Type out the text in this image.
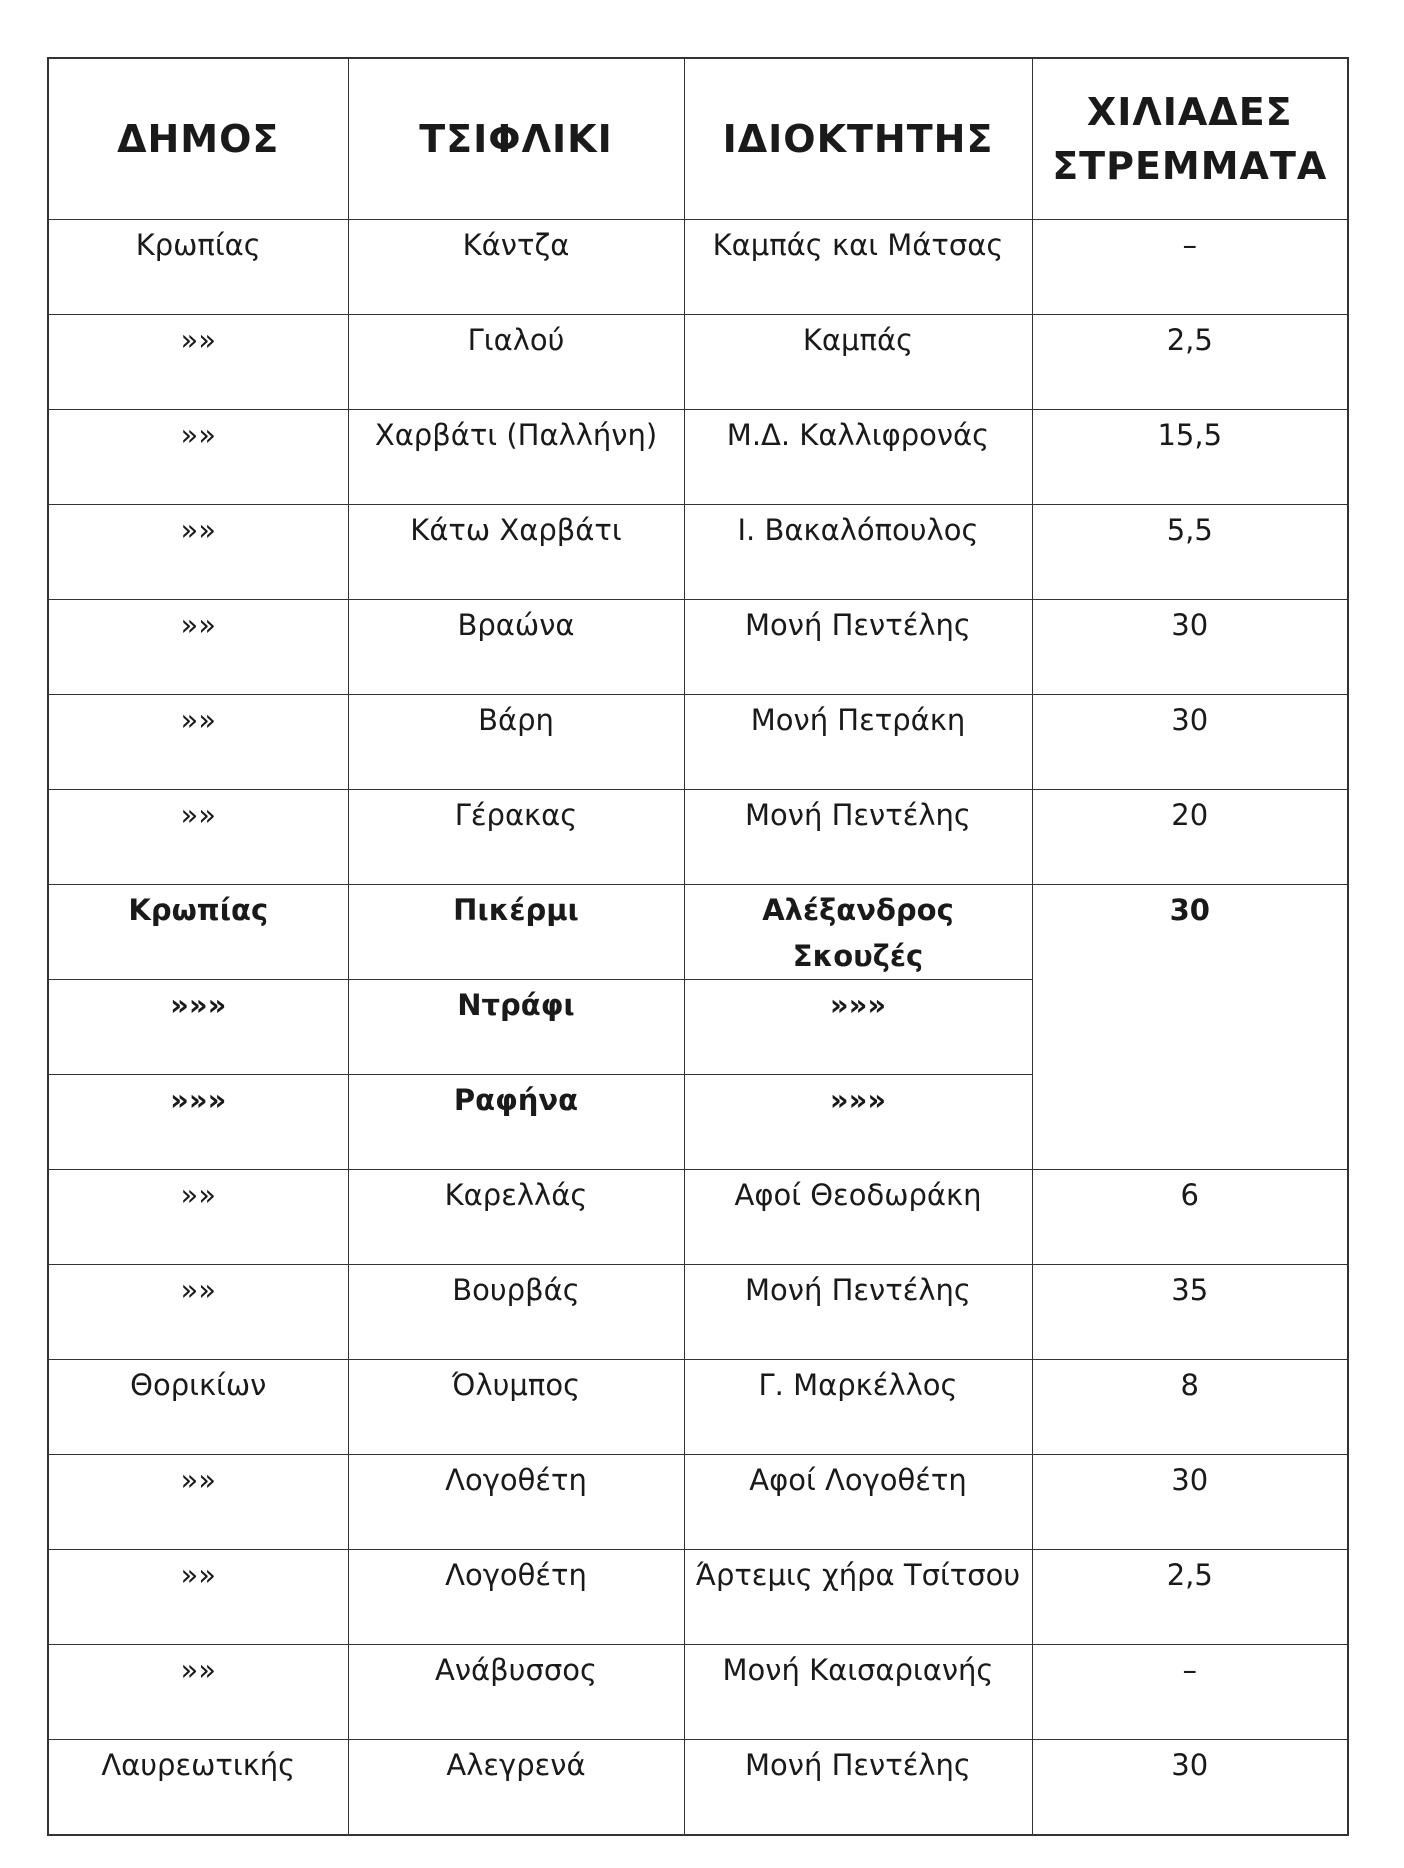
ΔΗΜΟΣ	ΤΣΙΦΛΙΚΙ	ΙΔΙΟΚΤΗΤΗΣ	ΧΙΛΙΑΔΕΣ ΣΤΡΕΜΜΑΤΑ
Κρωπίας	Κάντζα	Καμπάς και Μάτσας	–
»»	Γιαλού	Καμπάς	2,5
»»	Χαρβάτι (Παλλήνη)	Μ.Δ. Καλλιφρονάς	15,5
»»	Κάτω Χαρβάτι	Ι. Βακαλόπουλος	5,5
»»	Βραώνα	Μονή Πεντέλης	30
»»	Βάρη	Μονή Πετράκη	30
»»	Γέρακας	Μονή Πεντέλης	20
Κρωπίας	Πικέρμι	Αλέξανδρος Σκουζές	30
»»»	Ντράφι	»»»	
»»»	Ραφήνα	»»»	
»»	Καρελλάς	Αφοί Θεοδωράκη	6
»»	Βουρβάς	Μονή Πεντέλης	35
Θορικίων	Όλυμπος	Γ. Μαρκέλλος	8
»»	Λογοθέτη	Αφοί Λογοθέτη	30
»»	Λογοθέτη	Άρτεμις χήρα Τσίτσου	2,5
»»	Ανάβυσσος	Μονή Καισαριανής	–
Λαυρεωτικής	Αλεγρενά	Μονή Πεντέλης	30
